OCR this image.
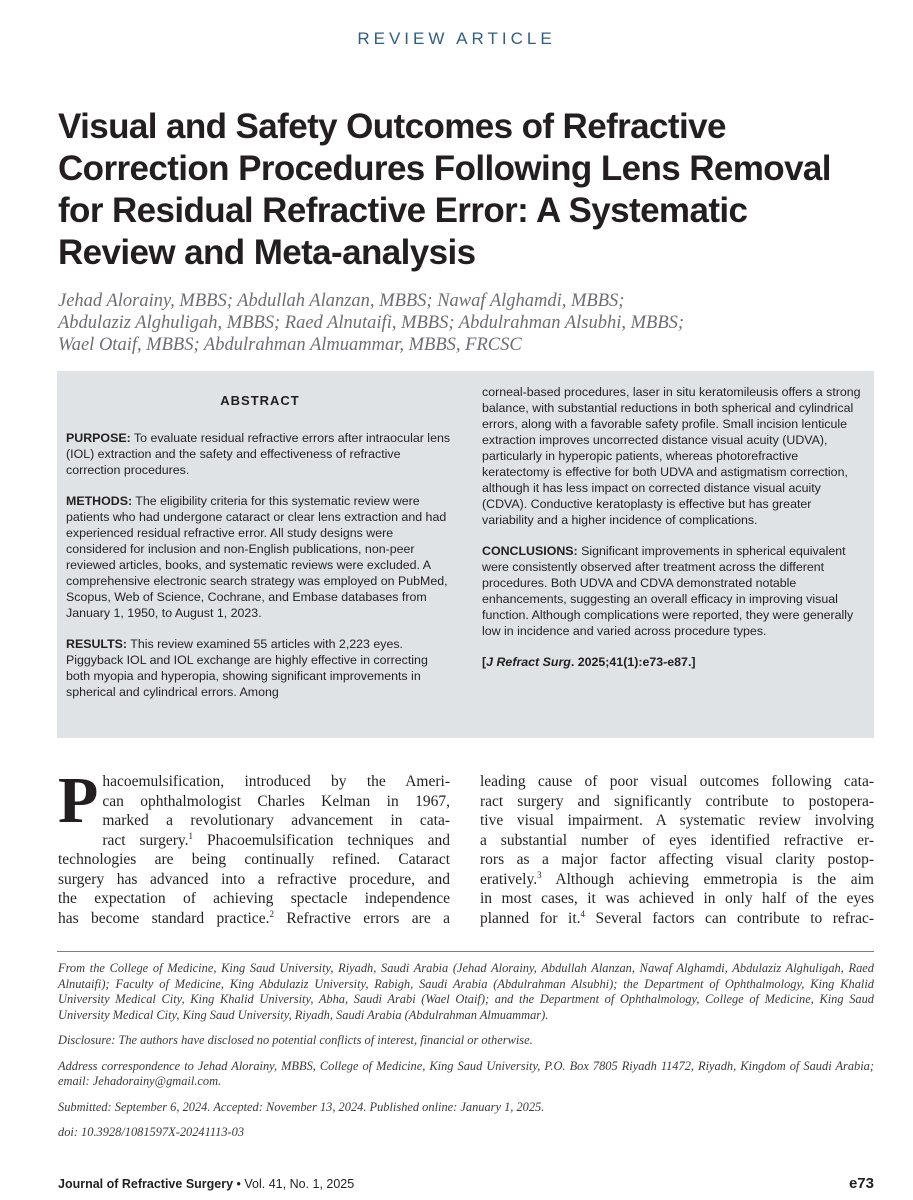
REVIEW ARTICLE
Visual and Safety Outcomes of Refractive
Correction Procedures Following Lens Removal
for Residual Refractive Error: A Systematic
Review and Meta-analysis
Jehad Alorainy, MBBS; Abdullah Alanzan, MBBS; Nawaf Alghamdi, MBBS;
Abdulaziz Alghuligah, MBBS; Raed Alnutaifi, MBBS; Abdulrahman Alsubhi, MBBS;
Wael Otaif, MBBS; Abdulrahman Almuammar, MBBS, FRCSC
ABSTRACT

PURPOSE: To evaluate residual refractive errors after intraocular lens (IOL) extraction and the safety and effectiveness of refractive correction procedures.

METHODS: The eligibility criteria for this systematic review were patients who had undergone cataract or clear lens extraction and had experienced residual refractive error. All study designs were considered for inclusion and non-English publications, non-peer reviewed articles, books, and systematic reviews were excluded. A comprehensive electronic search strategy was employed on PubMed, Scopus, Web of Science, Cochrane, and Embase databases from January 1, 1950, to August 1, 2023.

RESULTS: This review examined 55 articles with 2,223 eyes. Piggyback IOL and IOL exchange are highly effective in correcting both myopia and hyperopia, showing significant improvements in spherical and cylindrical errors. Among

corneal-based procedures, laser in situ keratomileusis offers a strong balance, with substantial reductions in both spherical and cylindrical errors, along with a favorable safety profile. Small incision lenticule extraction improves uncorrected distance visual acuity (UDVA), particularly in hyperopic patients, whereas photorefractive keratectomy is effective for both UDVA and astigmatism correction, although it has less impact on corrected distance visual acuity (CDVA). Conductive keratoplasty is effective but has greater variability and a higher incidence of complications.

CONCLUSIONS: Significant improvements in spherical equivalent were consistently observed after treatment across the different procedures. Both UDVA and CDVA demonstrated notable enhancements, suggesting an overall efficacy in improving visual function. Although complications were reported, they were generally low in incidence and varied across procedure types.

[J Refract Surg. 2025;41(1):e73-e87.]
P hacoemulsification, introduced by the Ameri-
can ophthalmologist Charles Kelman in 1967,
marked a revolutionary advancement in cata-
ract surgery.$^1$ Phacoemulsification techniques and
technologies are being continually refined. Cataract
surgery has advanced into a refractive procedure, and
the expectation of achieving spectacle independence
has become standard practice.$^2$ Refractive errors are a
leading cause of poor visual outcomes following cata-
ract surgery and significantly contribute to postopera-
tive visual impairment. A systematic review involving
a substantial number of eyes identified refractive er-
rors as a major factor affecting visual clarity postop-
eratively.$^3$ Although achieving emmetropia is the aim
in most cases, it was achieved in only half of the eyes
planned for it.$^4$ Several factors can contribute to refrac-

From the College of Medicine, King Saud University, Riyadh, Saudi Arabia (Jehad Alorainy, Abdullah Alanzan, Nawaf Alghamdi, Abdulaziz Alghuligah, Raed Alnutaifi); Faculty of Medicine, King Abdulaziz University, Rabigh, Saudi Arabia (Abdulrahman Alsubhi); the Department of Ophthalmology, King Khalid University Medical City, King Khalid University, Abha, Saudi Arabi (Wael Otaif); and the Department of Ophthalmology, College of Medicine, King Saud University Medical City, King Saud University, Riyadh, Saudi Arabia (Abdulrahman Almuammar).

Disclosure: The authors have disclosed no potential conflicts of interest, financial or otherwise.

Address correspondence to Jehad Alorainy, MBBS, College of Medicine, King Saud University, P.O. Box 7805 Riyadh 11472, Riyadh, Kingdom of Saudi Arabia; email: Jehadorainy@gmail.com.

Submitted: September 6, 2024. Accepted: November 13, 2024. Published online: January 1, 2025.

doi: 10.3928/1081597X-20241113-03

Journal of Refractive Surgery • Vol. 41, No. 1, 2025	e73
